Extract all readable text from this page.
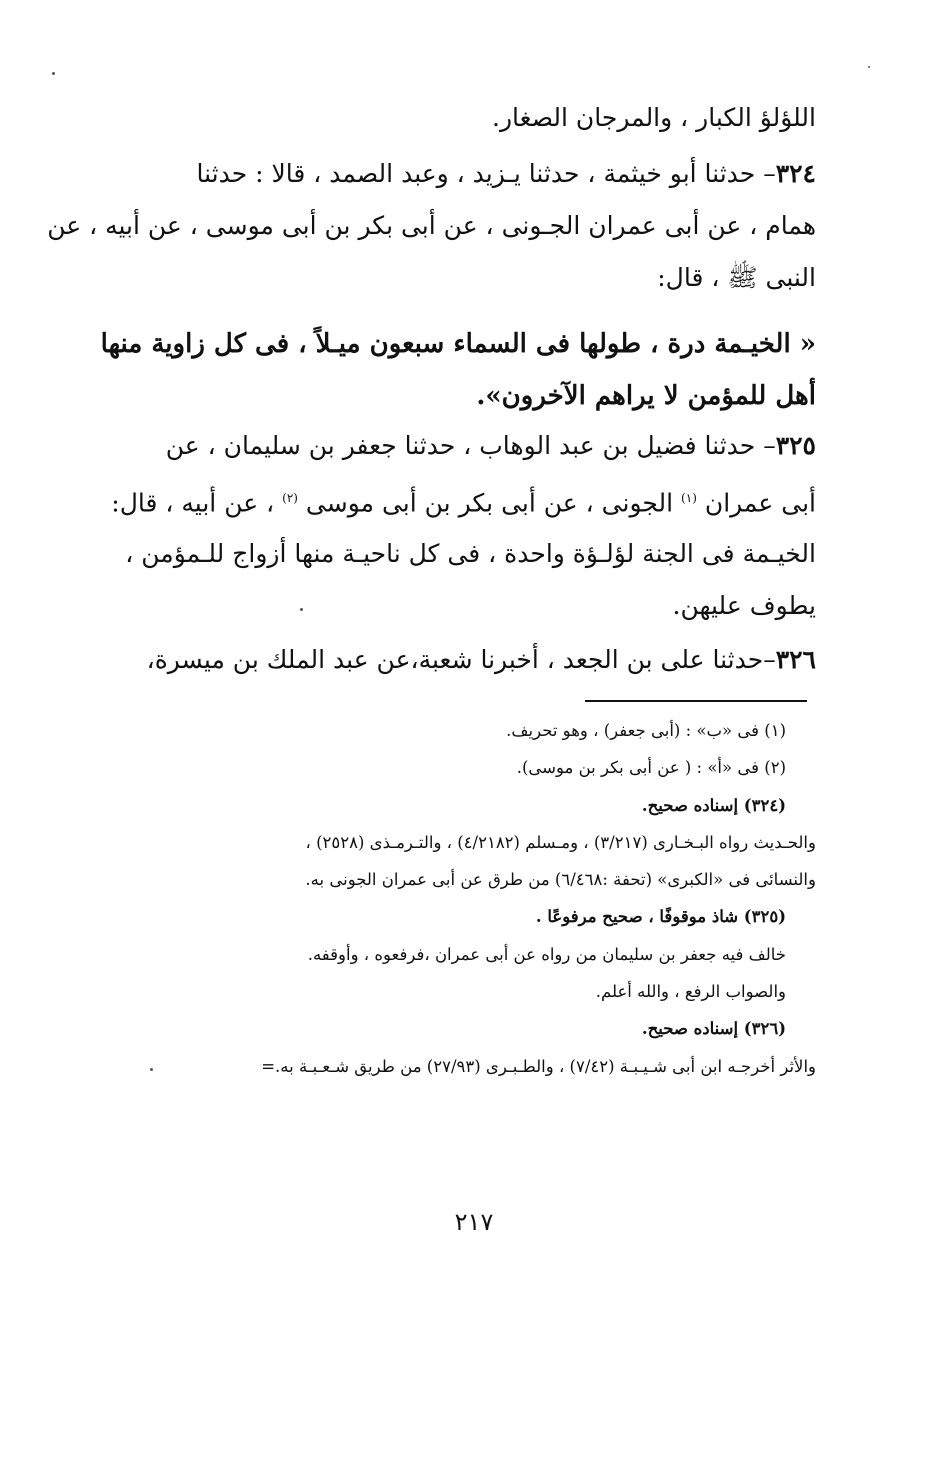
اللؤلؤ الكبار ، والمرجان الصغار.
٣٢٤– حدثنا أبو خيثمة ، حدثنا يـزيد ، وعبد الصمد ، قالا : حدثنا
همام ، عن أبى عمران الجـونى ، عن أبى بكر بن أبى موسى ، عن أبيه ، عن
النبى ﷺ ، قال:
« الخيـمة درة ، طولها فى السماء سبعون ميـلاً ، فى كل زاوية منها
أهل للمؤمن لا يراهم الآخرون».
٣٢٥– حدثنا فضيل بن عبد الوهاب ، حدثنا جعفر بن سليمان ، عن
أبى عمران $^{(١)}$ الجونى ، عن أبى بكر بن أبى موسى $^{(٢)}$ ، عن أبيه ، قال:
الخيـمة فى الجنة لؤلـؤة واحدة ، فى كل ناحيـة منها أزواج للـمؤمن ،
يطوف عليهن.
٣٢٦–حدثنا على بن الجعد ، أخبرنا شعبة،عن عبد الملك بن ميسرة،
(١) فى «ب» : (أبى جعفر) ، وهو تحريف.
(٢) فى «أ» : ( عن أبى بكر بن موسى).
(٣٢٤) إسناده صحيح.
والحـديث رواه البـخـارى (٣/٢١٧) ، ومـسلم (٤/٢١٨٢) ، والتـرمـذى (٢٥٢٨) ،
والنسائى فى «الكبرى» (تحفة :٦/٤٦٨) من طرق عن أبى عمران الجونى به.
(٣٢٥) شاذ موقوفًا ، صحيح مرفوعًا .
خالف فيه جعفر بن سليمان من رواه عن أبى عمران ،فرفعوه ، وأوقفه.
والصواب الرفع ، والله أعلم.
(٣٢٦) إسناده صحيح.
والأثر أخرجـه ابن أبى شـيـبـة (٧/٤٢) ، والطـبـرى (٢٧/٩٣) من طريق شـعـبـة به.=
٢١٧
